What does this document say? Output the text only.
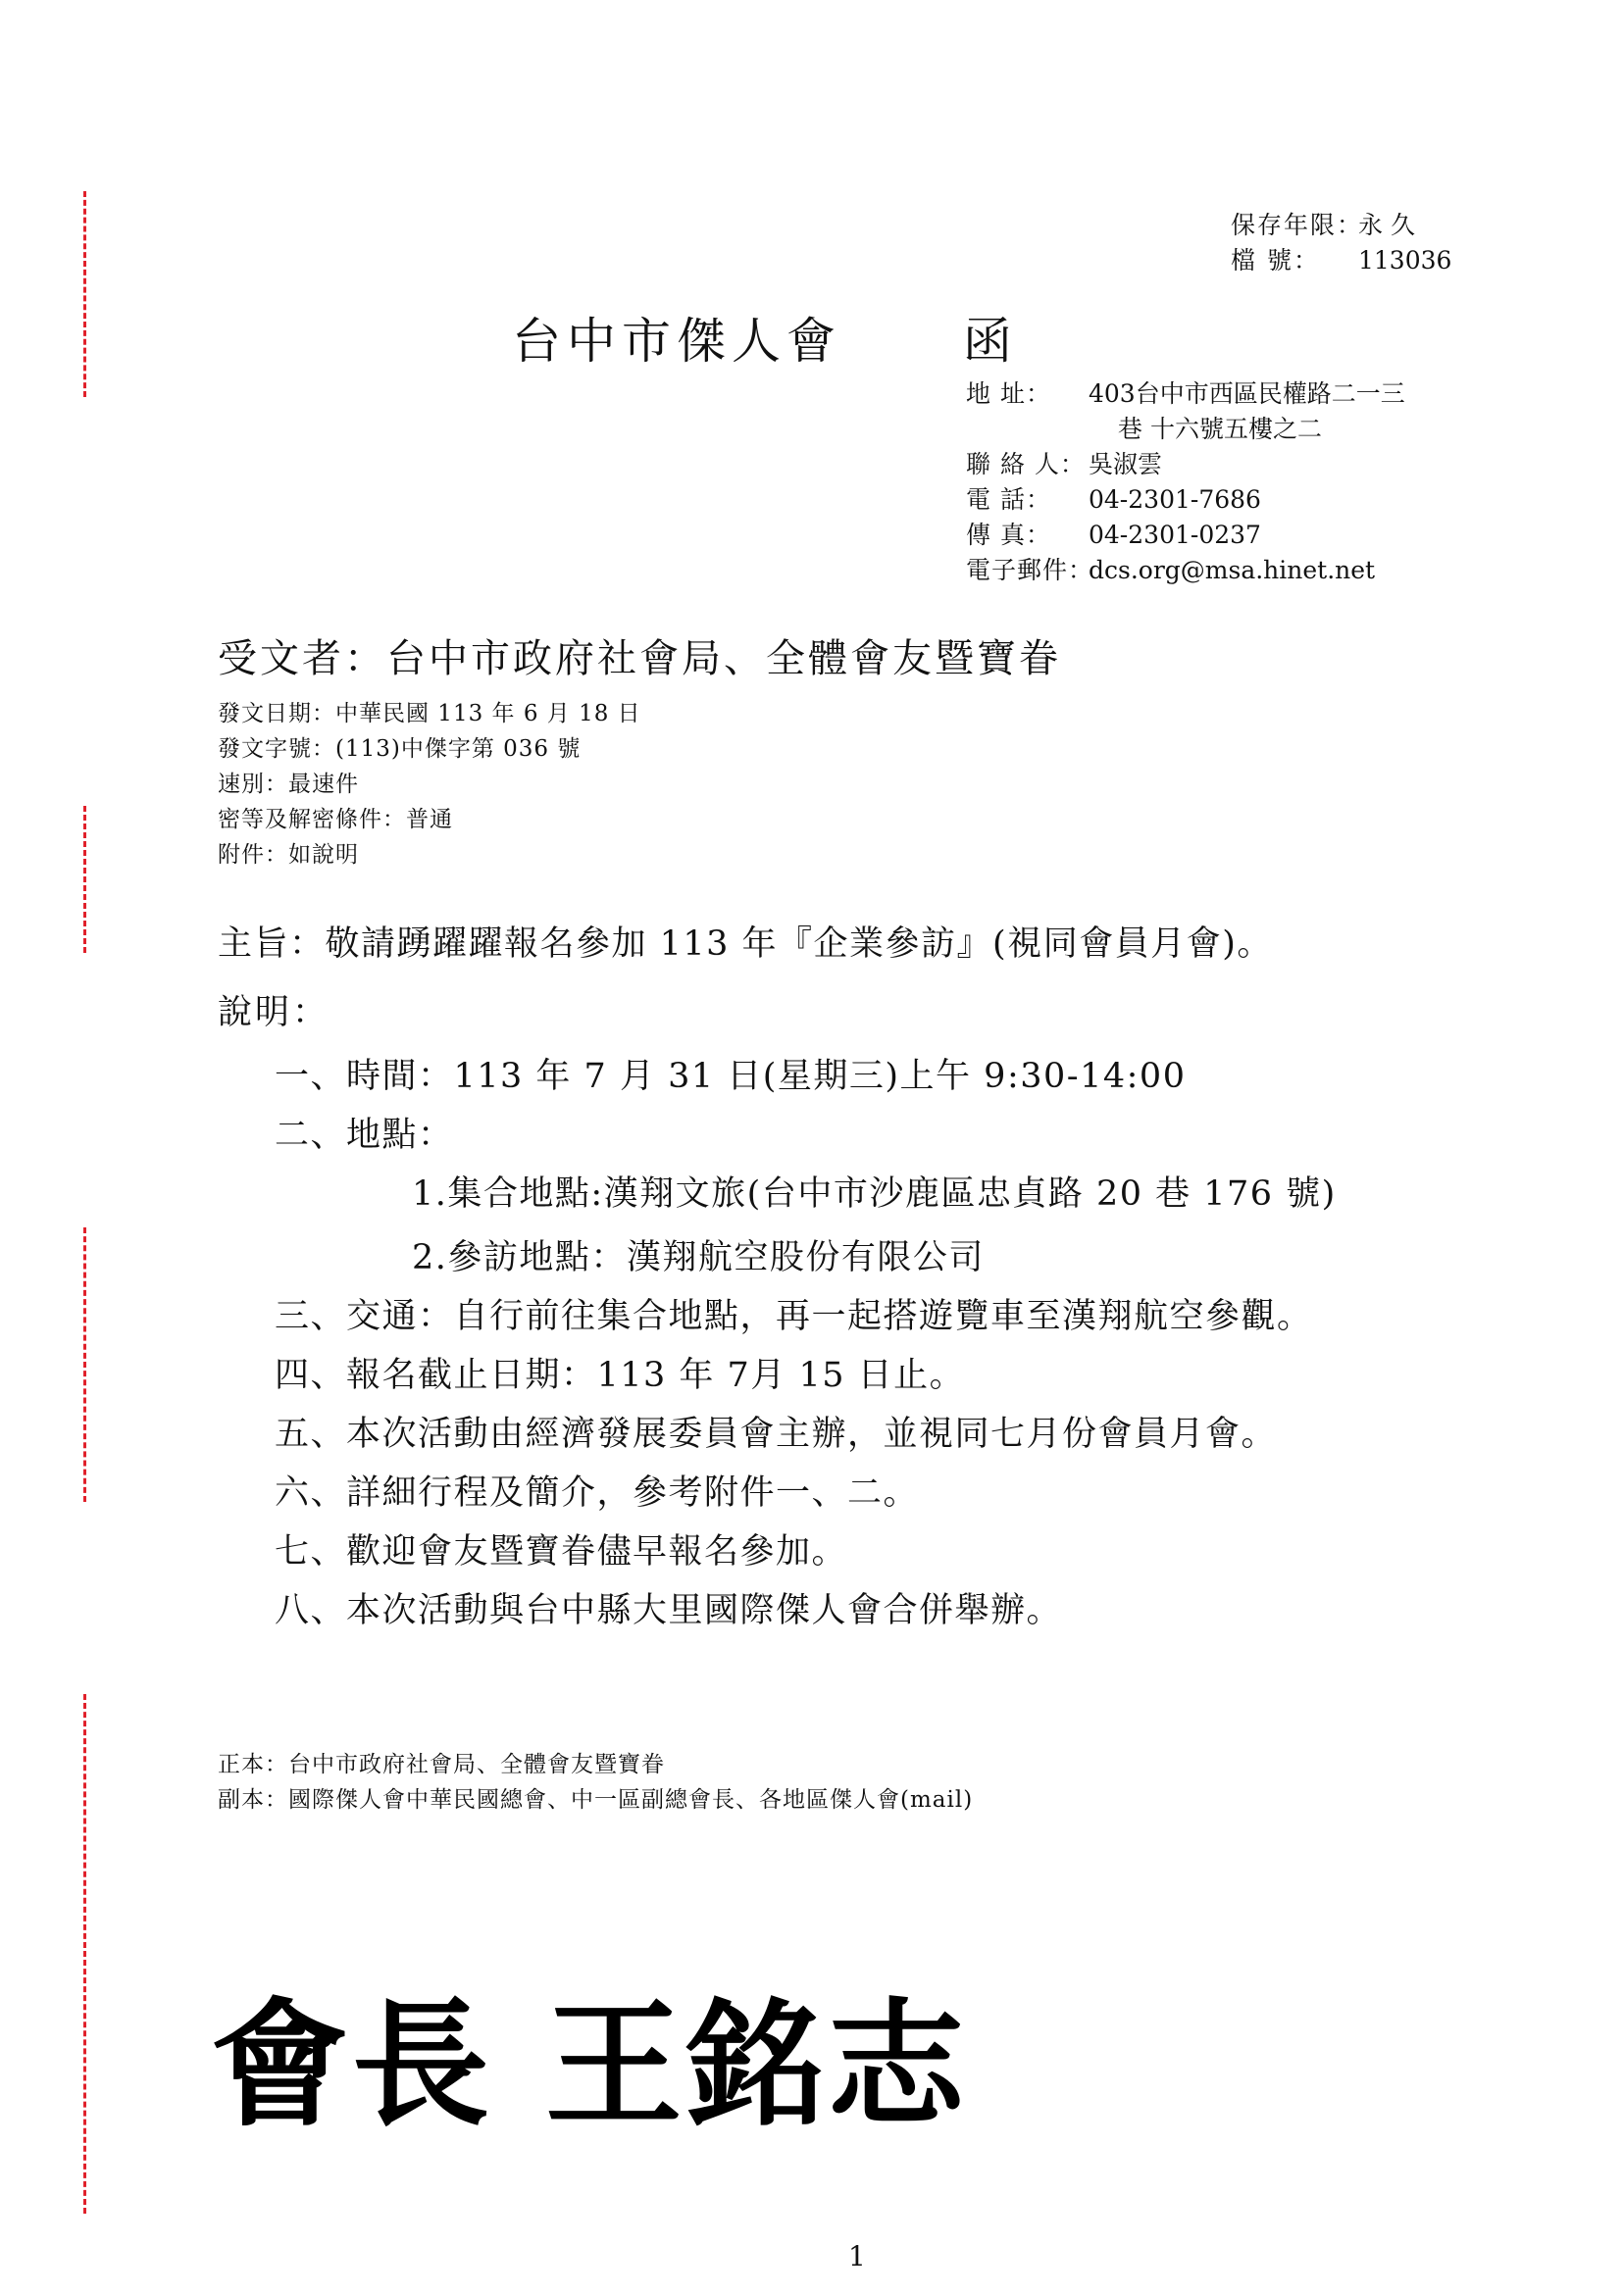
保存年限：
永 久
檔 號：	113036
台中市傑人會 函
地 址：	403台中市西區民權路二一三
巷 十六號五樓之二
聯 絡 人： 吳淑雲
電 話：	04-2301-7686
傳 真：	04-2301-0237
電子郵件：
dcs.org@msa.hinet.net
受文者：台中市政府社會局、全體會友暨寶眷
發文日期：中華民國 113 年 6 月 18 日
發文字號：(113)中傑字第 036 號
速別：最速件
密等及解密條件：普通
附件：如說明
主旨：敬請踴躍躍報名參加 113 年『企業參訪』(視同會員月會)。
說明：
一、時間：113 年 7 月 31 日(星期三)上午 9:30-14:00
二、地點：
1.集合地點:漢翔文旅(台中市沙鹿區忠貞路 20 巷 176 號)
2.參訪地點：漢翔航空股份有限公司
三、交通：自行前往集合地點，再一起搭遊覽車至漢翔航空參觀。
四、報名截止日期：113 年 7月 15 日止。
五、本次活動由經濟發展委員會主辦，並視同七月份會員月會。
六、詳細行程及簡介，參考附件一、二。
七、歡迎會友暨寶眷儘早報名參加。
八、本次活動與台中縣大里國際傑人會合併舉辦。
正本：台中市政府社會局、全體會友暨寶眷
副本：國際傑人會中華民國總會、中一區副總會長、各地區傑人會(mail)
會長 王銘志
1
